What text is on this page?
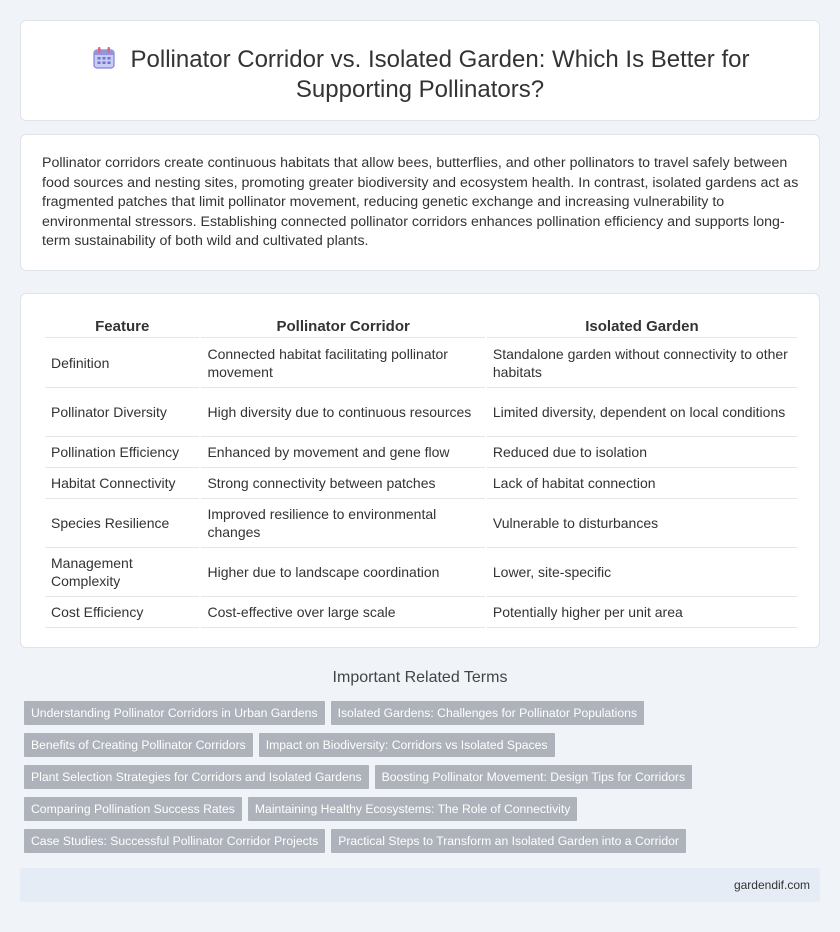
Pollinator Corridor vs. Isolated Garden: Which Is Better for
Supporting Pollinators?

Pollinator corridors create continuous habitats that allow bees, butterflies, and other pollinators to travel safely between food sources and nesting sites, promoting greater biodiversity and ecosystem health. In contrast, isolated gardens act as fragmented patches that limit pollinator movement, reducing genetic exchange and increasing vulnerability to environmental stressors. Establishing connected pollinator corridors enhances pollination efficiency and supports long-term sustainability of both wild and cultivated plants.

Feature	Pollinator Corridor	Isolated Garden
Definition	Connected habitat facilitating pollinator movement	Standalone garden without connectivity to other habitats
Pollinator Diversity	High diversity due to continuous resources	Limited diversity, dependent on local conditions
Pollination Efficiency	Enhanced by movement and gene flow	Reduced due to isolation
Habitat Connectivity	Strong connectivity between patches	Lack of habitat connection
Species Resilience	Improved resilience to environmental changes	Vulnerable to disturbances
Management Complexity	Higher due to landscape coordination	Lower, site-specific
Cost Efficiency	Cost-effective over large scale	Potentially higher per unit area
Important Related Terms
Understanding Pollinator Corridors in Urban Gardens Isolated Gardens: Challenges for Pollinator Populations
Benefits of Creating Pollinator Corridors Impact on Biodiversity: Corridors vs Isolated Spaces
Plant Selection Strategies for Corridors and Isolated Gardens Boosting Pollinator Movement: Design Tips for Corridors
Comparing Pollination Success Rates Maintaining Healthy Ecosystems: The Role of Connectivity
Case Studies: Successful Pollinator Corridor Projects Practical Steps to Transform an Isolated Garden into a Corridor
gardendif.com
